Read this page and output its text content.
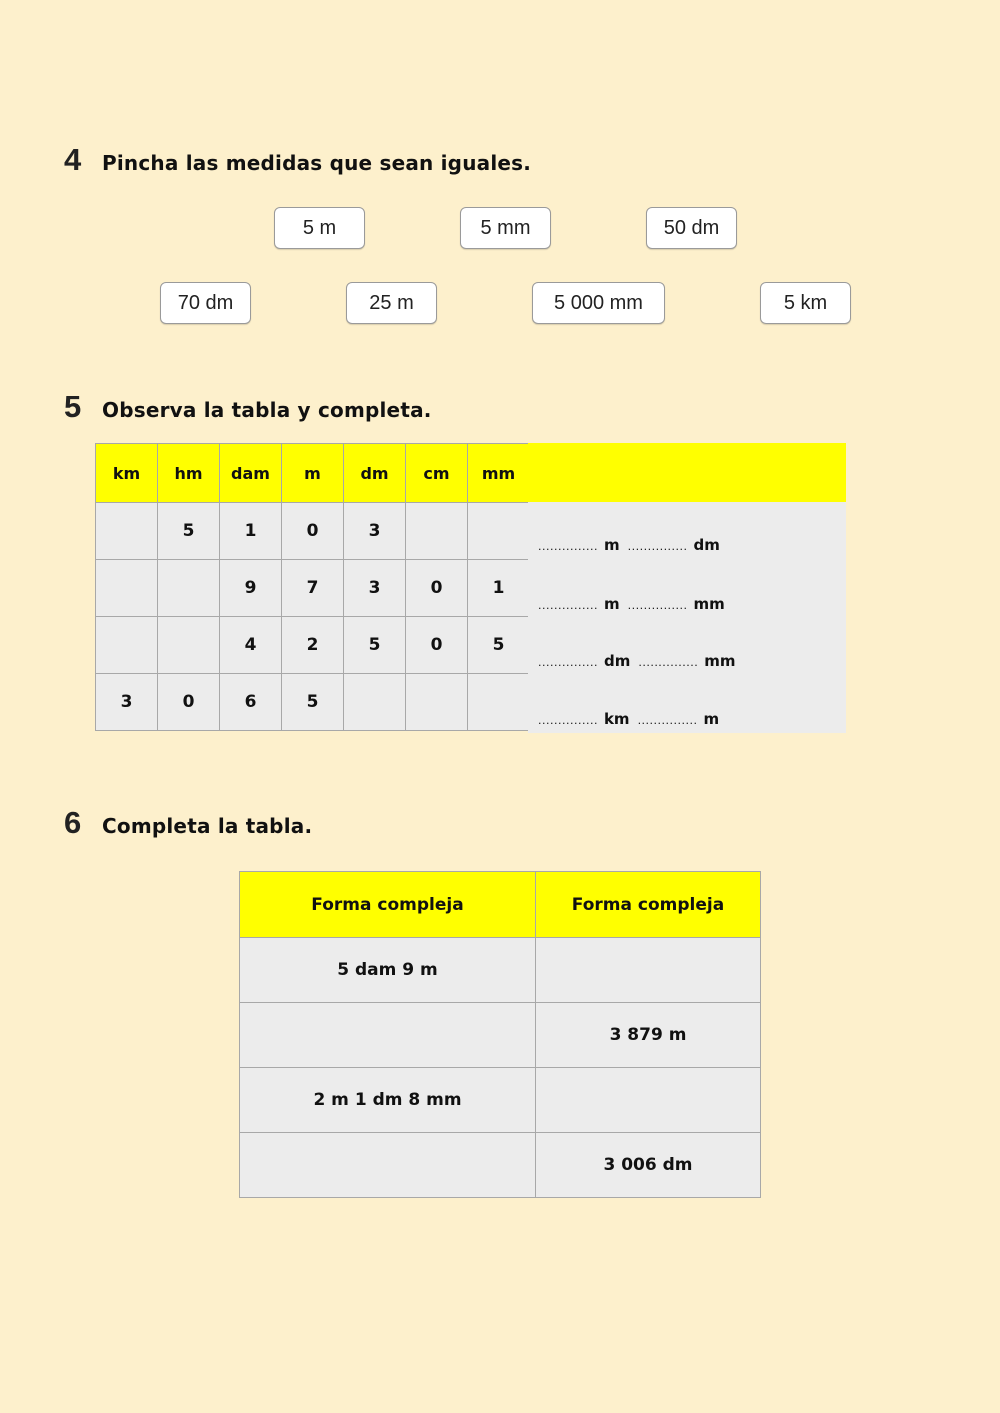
4 Pincha las medidas que sean iguales.
5 m	5 mm	50 dm
70 dm	25 m	5 000 mm	5 km
5 Observa la tabla y completa.
km	hm	dam	m	dm	cm	mm
	5	1	0	3		
		9	7	3	0	1
		4	2	5	0	5
3	0	6	5			
............... m ............... dm
............... m ............... mm
............... dm ............... mm
............... km ............... m
6 Completa la tabla.
Forma compleja	Forma compleja
5 dam 9 m	
	3 879 m
2 m 1 dm 8 mm	
	3 006 dm
